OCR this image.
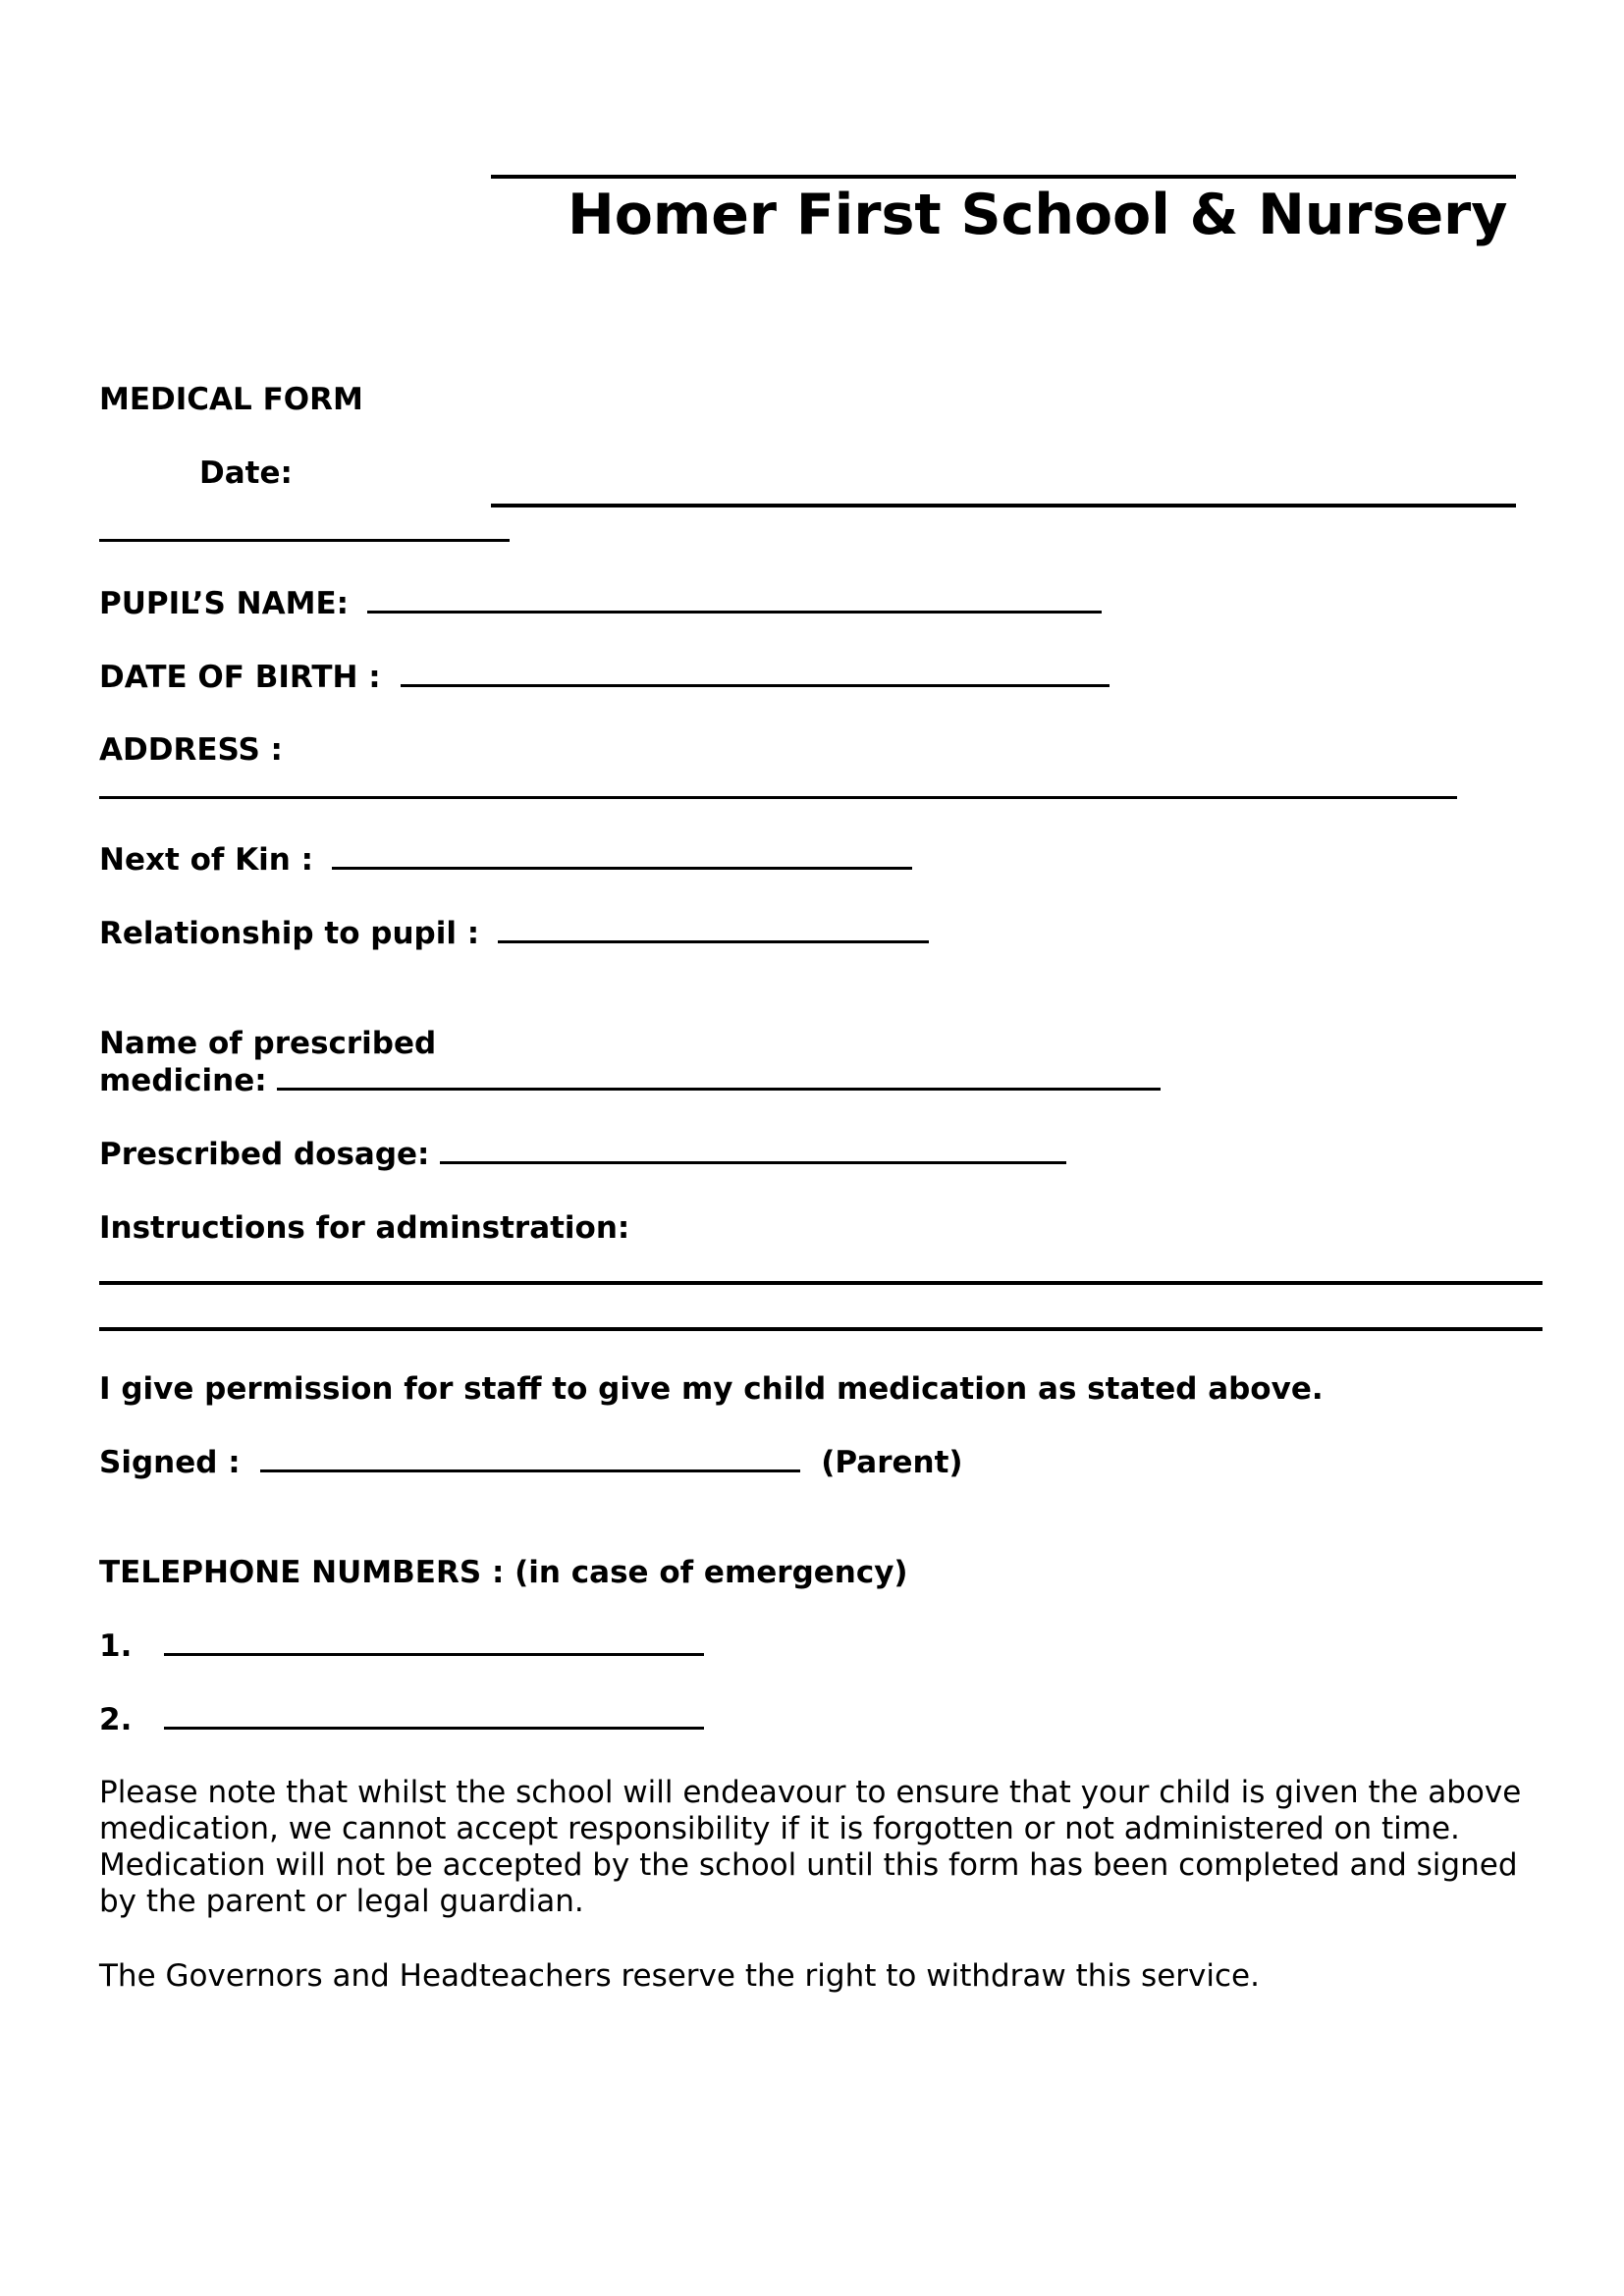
Homer First School & Nursery
MEDICAL FORM
Date:
PUPIL’S NAME:
DATE OF BIRTH :
ADDRESS :
Next of Kin :
Relationship to pupil :
Name of prescribed
medicine:
Prescribed dosage:
Instructions for adminstration:
I give permission for staff to give my child medication as stated above.
Signed :	(Parent)
TELEPHONE NUMBERS : (in case of emergency)
1.
2.
Please note that whilst the school will endeavour to ensure that your child is given the above medication, we cannot accept responsibility if it is forgotten or not administered on time. Medication will not be accepted by the school until this form has been completed and signed by the parent or legal guardian.
The Governors and Headteachers reserve the right to withdraw this service.
